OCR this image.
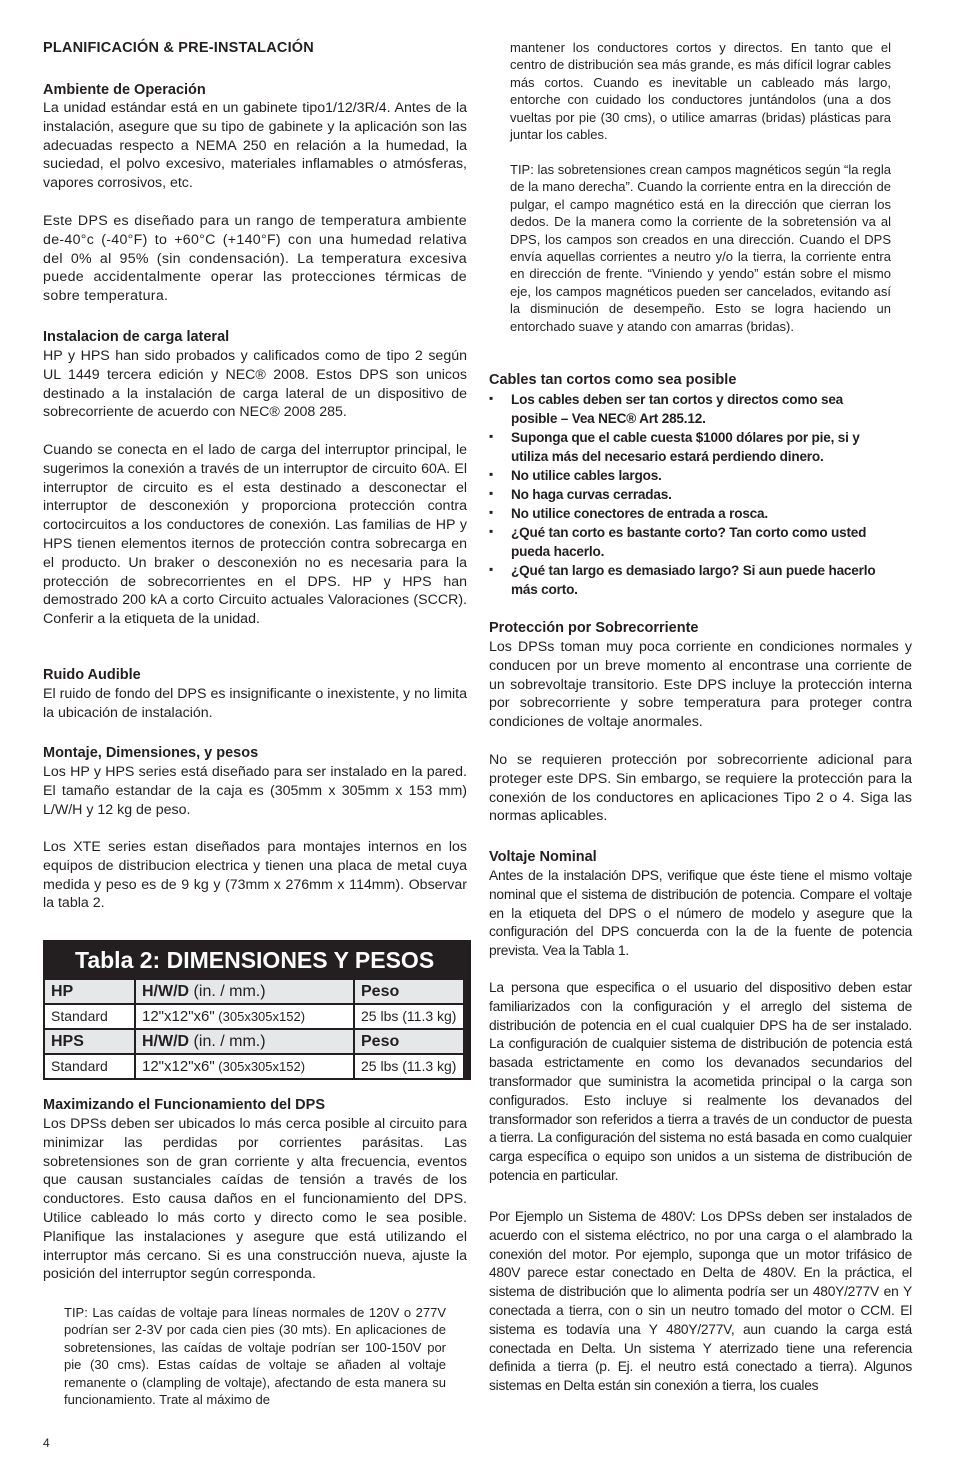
PLANIFICACIÓN & PRE-INSTALACIÓN
Ambiente de Operación

La unidad estándar está en un gabinete tipo1/12/3R/4. Antes de la instalación, asegure que su tipo de gabinete y la aplicación son las adecuadas respecto a NEMA 250 en relación a la humedad, la suciedad, el polvo excesivo, materiales inflamables o atmósferas, vapores corrosivos, etc.

Este DPS es diseñado para un rango de temperatura ambiente de-40°c (-40°F) to +60°C (+140°F) con una humedad relativa del 0% al 95% (sin condensación). La temperatura excesiva puede accidentalmente operar las protecciones térmicas de sobre temperatura.

Instalacion de carga lateral

HP y HPS han sido probados y calificados como de tipo 2 según UL 1449 tercera edición y NEC® 2008. Estos DPS son unicos destinado a la instalación de carga lateral de un dispositivo de sobrecorriente de acuerdo con NEC® 2008 285.

Cuando se conecta en el lado de carga del interruptor principal, le sugerimos la conexión a través de un interruptor de circuito 60A. El interruptor de circuito es el esta destinado a desconectar el interruptor de desconexión y proporciona protección contra cortocircuitos a los conductores de conexión. Las familias de HP y HPS tienen elementos iternos de protección contra sobrecarga en el producto. Un braker o desconexión no es necesaria para la protección de sobrecorrientes en el DPS. HP y HPS han demostrado 200 kA a corto Circuito actuales Valoraciones (SCCR). Conferir a la etiqueta de la unidad.

Ruido Audible

El ruido de fondo del DPS es insignificante o inexistente, y no limita la ubicación de instalación.

Montaje, Dimensiones, y pesos

Los HP y HPS series está diseñado para ser instalado en la pared. El tamaño estandar de la caja es (305mm x 305mm x 153 mm) L/W/H y 12 kg de peso.

Los XTE series estan diseñados para montajes internos en los equipos de distribucion electrica y tienen una placa de metal cuya medida y peso es de 9 kg y (73mm x 276mm x 114mm). Observar la tabla 2.

Tabla 2: DIMENSIONES Y PESOS
HP	H/W/D (in. / mm.)	Peso
Standard	12"x12"x6" (305x305x152)	25 lbs (11.3 kg)
HPS	H/W/D (in. / mm.)	Peso
Standard	12"x12"x6" (305x305x152)	25 lbs (11.3 kg)
Maximizando el Funcionamiento del DPS

Los DPSs deben ser ubicados lo más cerca posible al circuito para minimizar las perdidas por corrientes parásitas. Las sobretensiones son de gran corriente y alta frecuencia, eventos que causan sustanciales caídas de tensión a través de los conductores. Esto causa daños en el funcionamiento del DPS. Utilice cableado lo más corto y directo como le sea posible. Planifique las instalaciones y asegure que está utilizando el interruptor más cercano. Si es una construcción nueva, ajuste la posición del interruptor según corresponda.

TIP: Las caídas de voltaje para líneas normales de 120V o 277V podrían ser 2-3V por cada cien pies (30 mts). En aplicaciones de sobretensiones, las caídas de voltaje podrían ser 100-150V por pie (30 cms). Estas caídas de voltaje se añaden al voltaje remanente o (clampling de voltaje), afectando de esta manera su funcionamiento. Trate al máximo de

4

mantener los conductores cortos y directos. En tanto que el centro de distribución sea más grande, es más difícil lograr cables más cortos. Cuando es inevitable un cableado más largo, entorche con cuidado los conductores juntándolos (una a dos vueltas por pie (30 cms), o utilice amarras (bridas) plásticas para juntar los cables.

TIP: las sobretensiones crean campos magnéticos según “la regla de la mano derecha”. Cuando la corriente entra en la dirección de pulgar, el campo magnético está en la dirección que cierran los dedos. De la manera como la corriente de la sobretensión va al DPS, los campos son creados en una dirección. Cuando el DPS envía aquellas corrientes a neutro y/o la tierra, la corriente entra en dirección de frente. “Viniendo y yendo” están sobre el mismo eje, los campos magnéticos pueden ser cancelados, evitando así la disminución de desempeño. Esto se logra haciendo un entorchado suave y atando con amarras (bridas).

Cables tan cortos como sea posible
▪ Los cables deben ser tan cortos y directos como sea posible – Vea NEC® Art 285.12.
▪ Suponga que el cable cuesta $1000 dólares por pie, si y utiliza más del necesario estará perdiendo dinero.
▪ No utilice cables largos.
▪ No haga curvas cerradas.
▪ No utilice conectores de entrada a rosca.
▪ ¿Qué tan corto es bastante corto? Tan corto como usted pueda hacerlo.
▪ ¿Qué tan largo es demasiado largo? Si aun puede hacerlo más corto.
Protección por Sobrecorriente

Los DPSs toman muy poca corriente en condiciones normales y conducen por un breve momento al encontrase una corriente de un sobrevoltaje transitorio. Este DPS incluye la protección interna por sobrecorriente y sobre temperatura para proteger contra condiciones de voltaje anormales.

No se requieren protección por sobrecorriente adicional para proteger este DPS. Sin embargo, se requiere la protección para la conexión de los conductores en aplicaciones Tipo 2 o 4. Siga las normas aplicables.

Voltaje Nominal

Antes de la instalación DPS, verifique que éste tiene el mismo voltaje nominal que el sistema de distribución de potencia. Compare el voltaje en la etiqueta del DPS o el número de modelo y asegure que la configuración del DPS concuerda con la de la fuente de potencia prevista. Vea la Tabla 1.

La persona que especifica o el usuario del dispositivo deben estar familiarizados con la configuración y el arreglo del sistema de distribución de potencia en el cual cualquier DPS ha de ser instalado. La configuración de cualquier sistema de distribución de potencia está basada estrictamente en como los devanados secundarios del transformador que suministra la acometida principal o la carga son configurados. Esto incluye si realmente los devanados del transformador son referidos a tierra a través de un conductor de puesta a tierra. La configuración del sistema no está basada en como cualquier carga específica o equipo son unidos a un sistema de distribución de potencia en particular.

Por Ejemplo un Sistema de 480V: Los DPSs deben ser instalados de acuerdo con el sistema eléctrico, no por una carga o el alambrado la conexión del motor. Por ejemplo, suponga que un motor trifásico de 480V parece estar conectado en Delta de 480V. En la práctica, el sistema de distribución que lo alimenta podría ser un 480Y/277V en Y conectada a tierra, con o sin un neutro tomado del motor o CCM. El sistema es todavía una Y 480Y/277V, aun cuando la carga está conectada en Delta. Un sistema Y aterrizado tiene una referencia definida a tierra (p. Ej. el neutro está conectado a tierra). Algunos sistemas en Delta están sin conexión a tierra, los cuales
